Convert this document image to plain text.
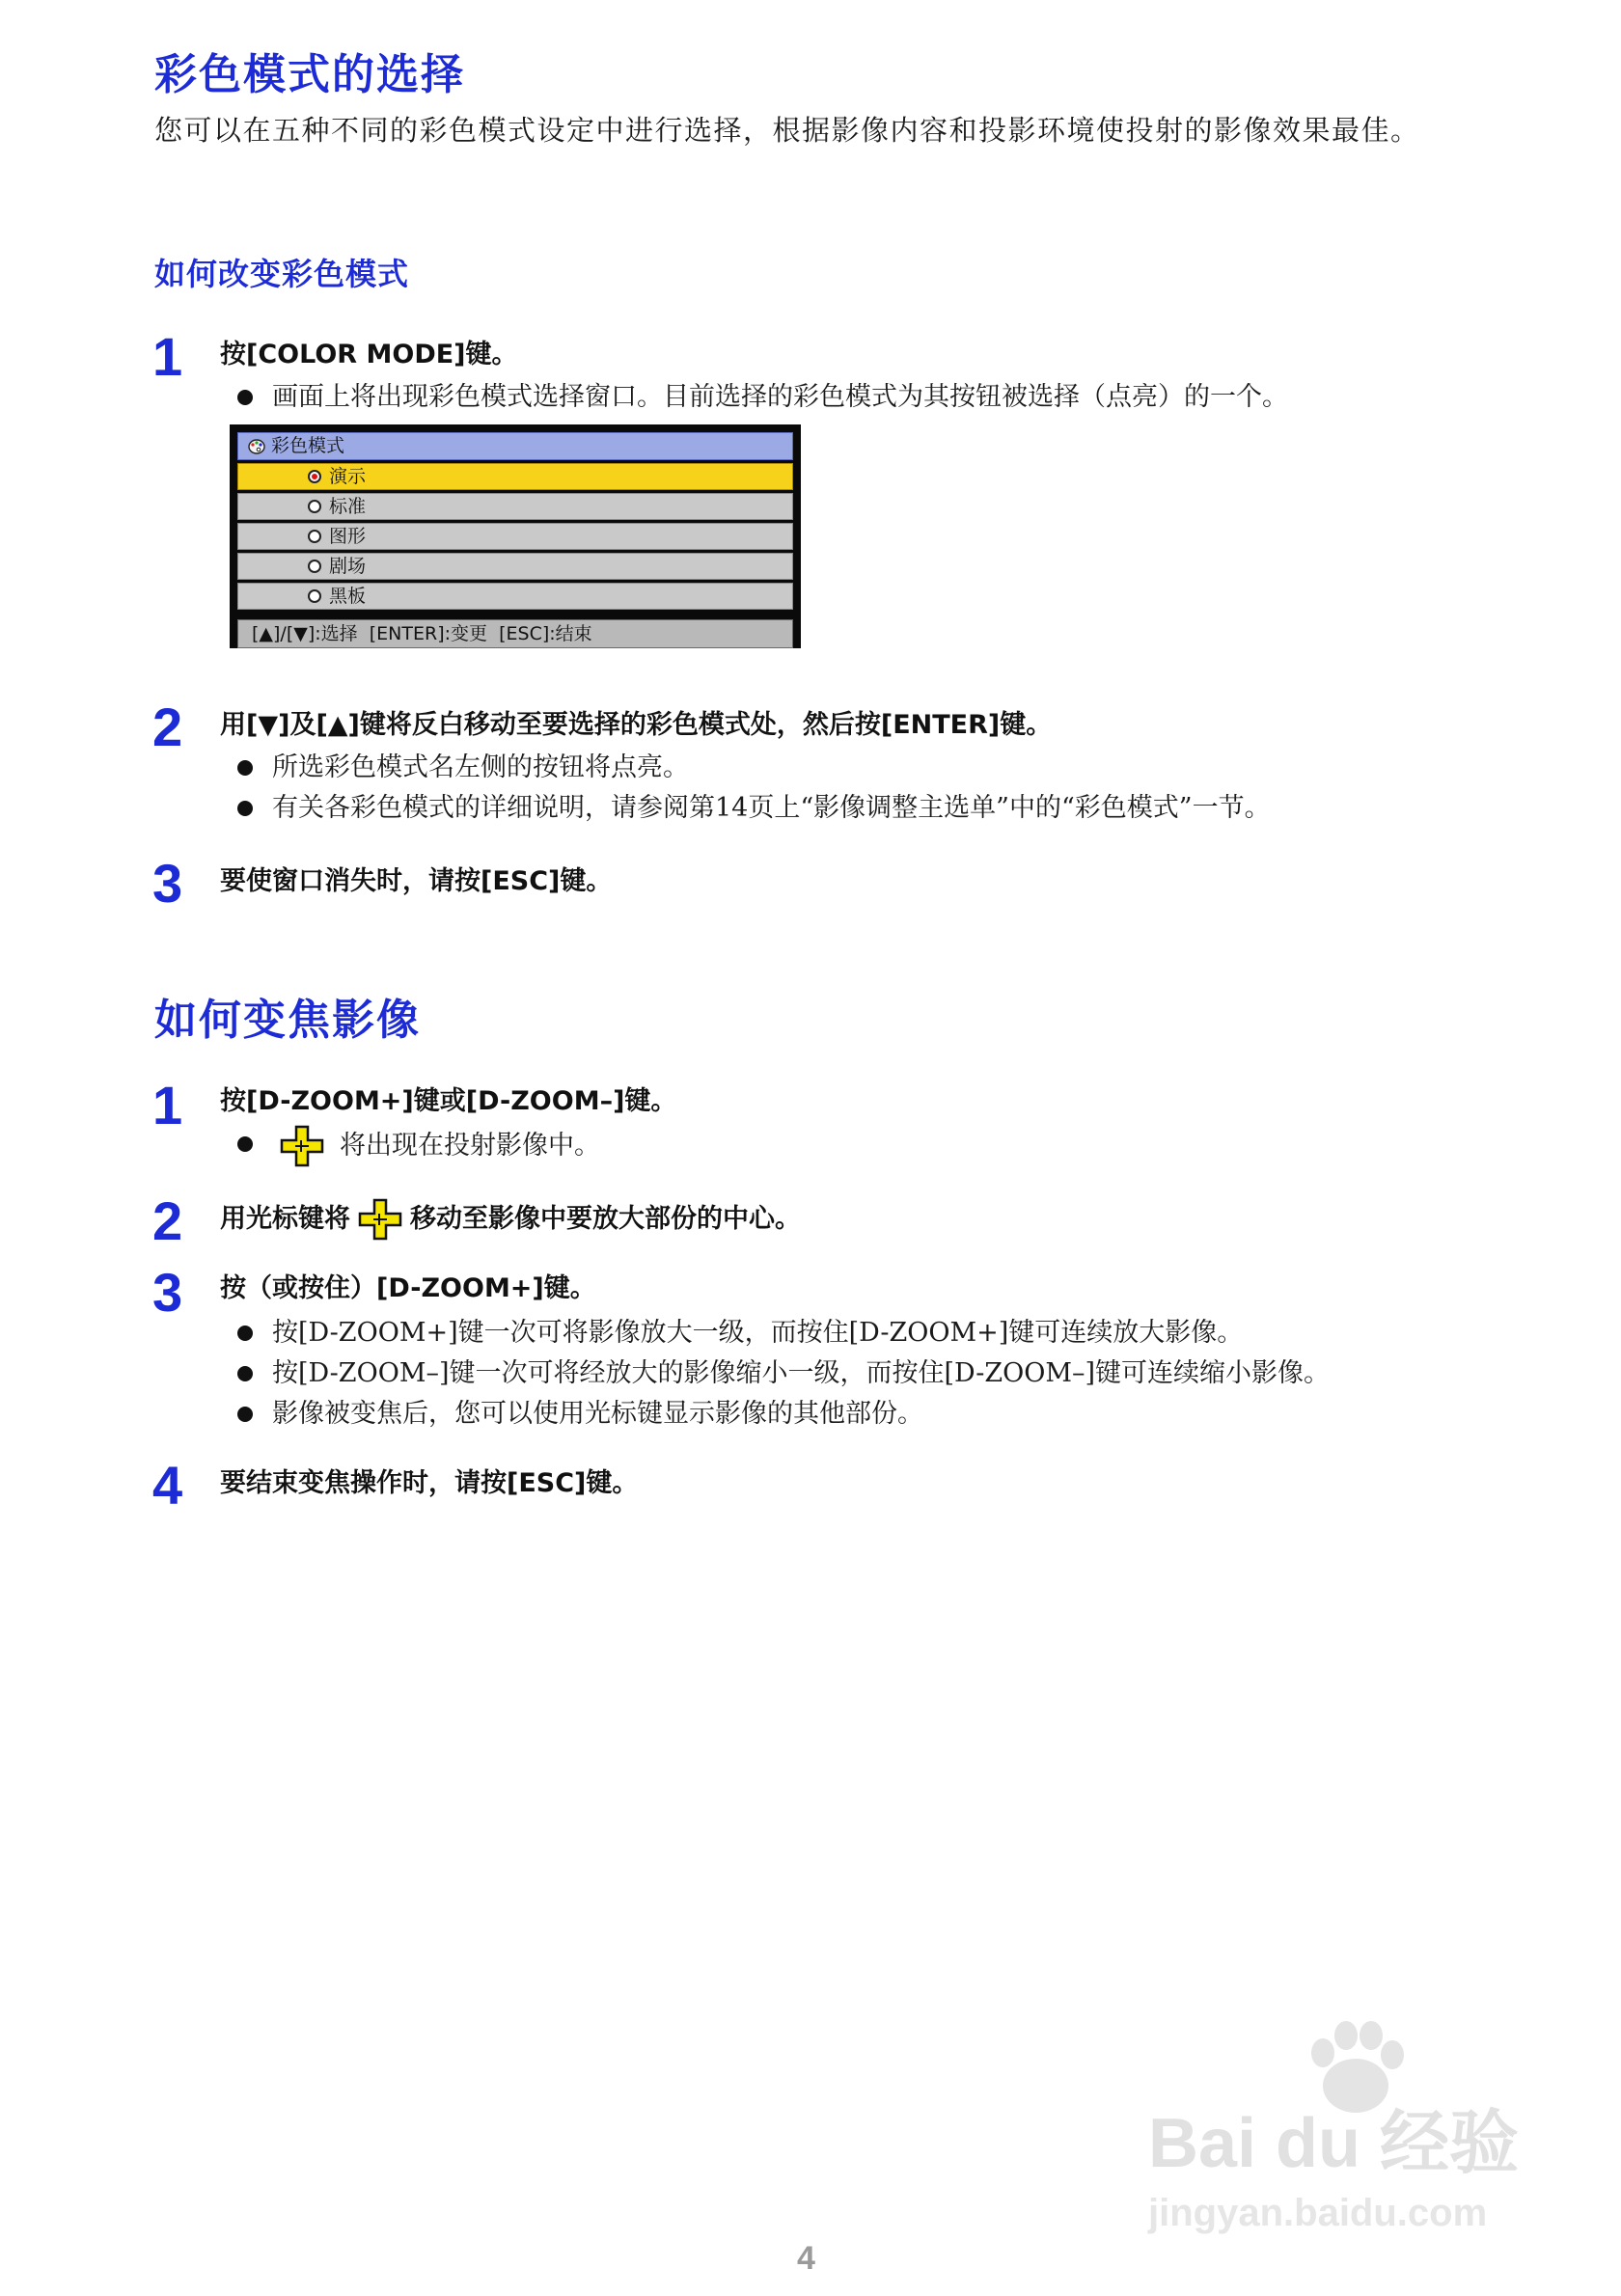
彩色模式的选择
您可以在五种不同的彩色模式设定中进行选择，根据影像内容和投影环境使投射的影像效果最佳。
如何改变彩色模式
1 按[COLOR MODE]键。
画面上将出现彩色模式选择窗口。目前选择的彩色模式为其按钮被选择（点亮）的一个。
彩色模式
演示
标准
图形
剧场
黑板
[▲]/[▼]:选择  [ENTER]:变更  [ESC]:结束
2 用[▼]及[▲]键将反白移动至要选择的彩色模式处，然后按[ENTER]键。
所选彩色模式名左侧的按钮将点亮。
有关各彩色模式的详细说明，请参阅第14页上“影像调整主选单”中的“彩色模式”一节。
3 要使窗口消失时，请按[ESC]键。
如何变焦影像
1 按[D-ZOOM+]键或[D-ZOOM–]键。
将出现在投射影像中。
2 用光标键将 移动至影像中要放大部份的中心。
3 按（或按住）[D-ZOOM+]键。
按[D-ZOOM+]键一次可将影像放大一级，而按住[D-ZOOM+]键可连续放大影像。
按[D-ZOOM–]键一次可将经放大的影像缩小一级，而按住[D-ZOOM–]键可连续缩小影像。
影像被变焦后，您可以使用光标键显示影像的其他部份。
4 要结束变焦操作时，请按[ESC]键。
Bai du 经验
jingyan.baidu.com
4
